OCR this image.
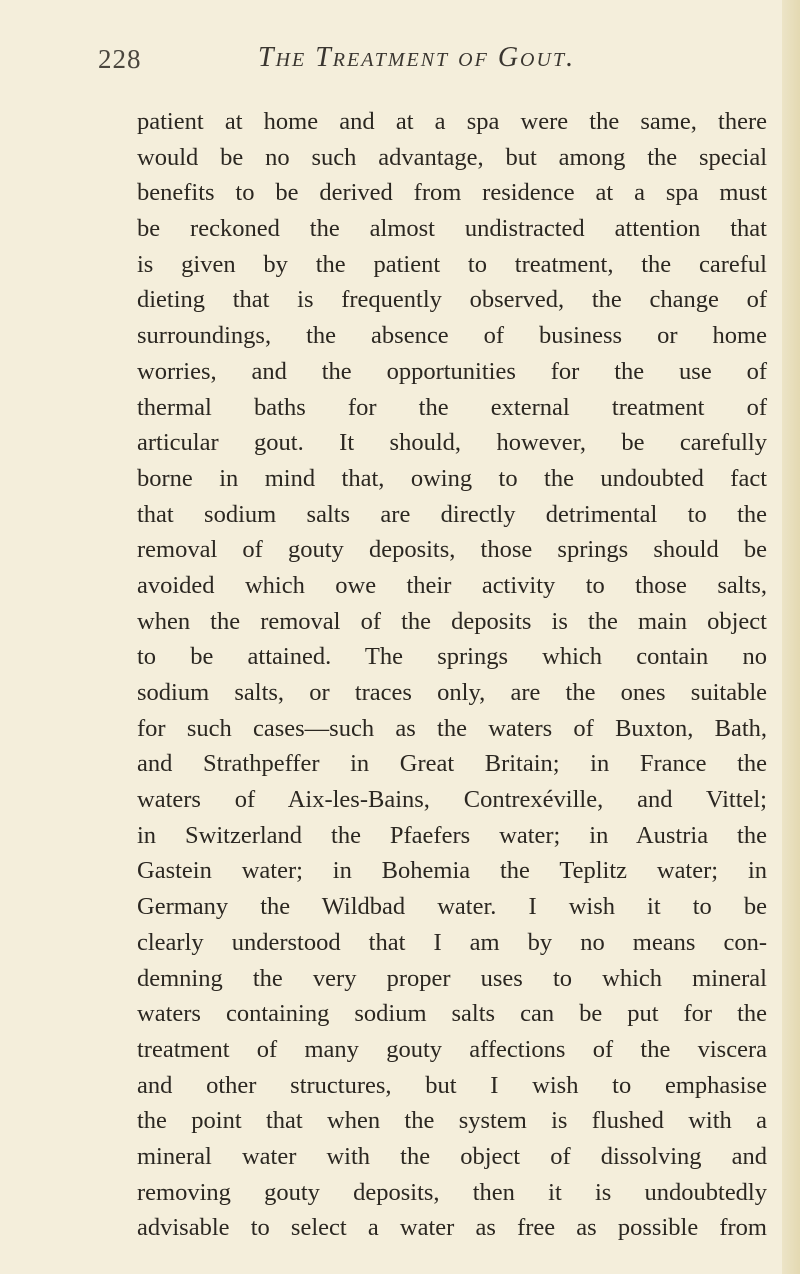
228	The Treatment of Gout.
patient at home and at a spa were the same, there
would be no such advantage, but among the special
benefits to be derived from residence at a spa must
be reckoned the almost undistracted attention that
is given by the patient to treatment, the careful
dieting that is frequently observed, the change of
surroundings, the absence of business or home
worries, and the opportunities for the use of
thermal baths for the external treatment of
articular gout. It should, however, be carefully
borne in mind that, owing to the undoubted fact
that sodium salts are directly detrimental to the
removal of gouty deposits, those springs should be
avoided which owe their activity to those salts,
when the removal of the deposits is the main object
to be attained. The springs which contain no
sodium salts, or traces only, are the ones suitable
for such cases—such as the waters of Buxton, Bath,
and Strathpeffer in Great Britain; in France the
waters of Aix-les-Bains, Contrexéville, and Vittel;
in Switzerland the Pfaefers water; in Austria the
Gastein water; in Bohemia the Teplitz water; in
Germany the Wildbad water. I wish it to be
clearly understood that I am by no means con-
demning the very proper uses to which mineral
waters containing sodium salts can be put for the
treatment of many gouty affections of the viscera
and other structures, but I wish to emphasise
the point that when the system is flushed with a
mineral water with the object of dissolving and
removing gouty deposits, then it is undoubtedly
advisable to select a water as free as possible from
